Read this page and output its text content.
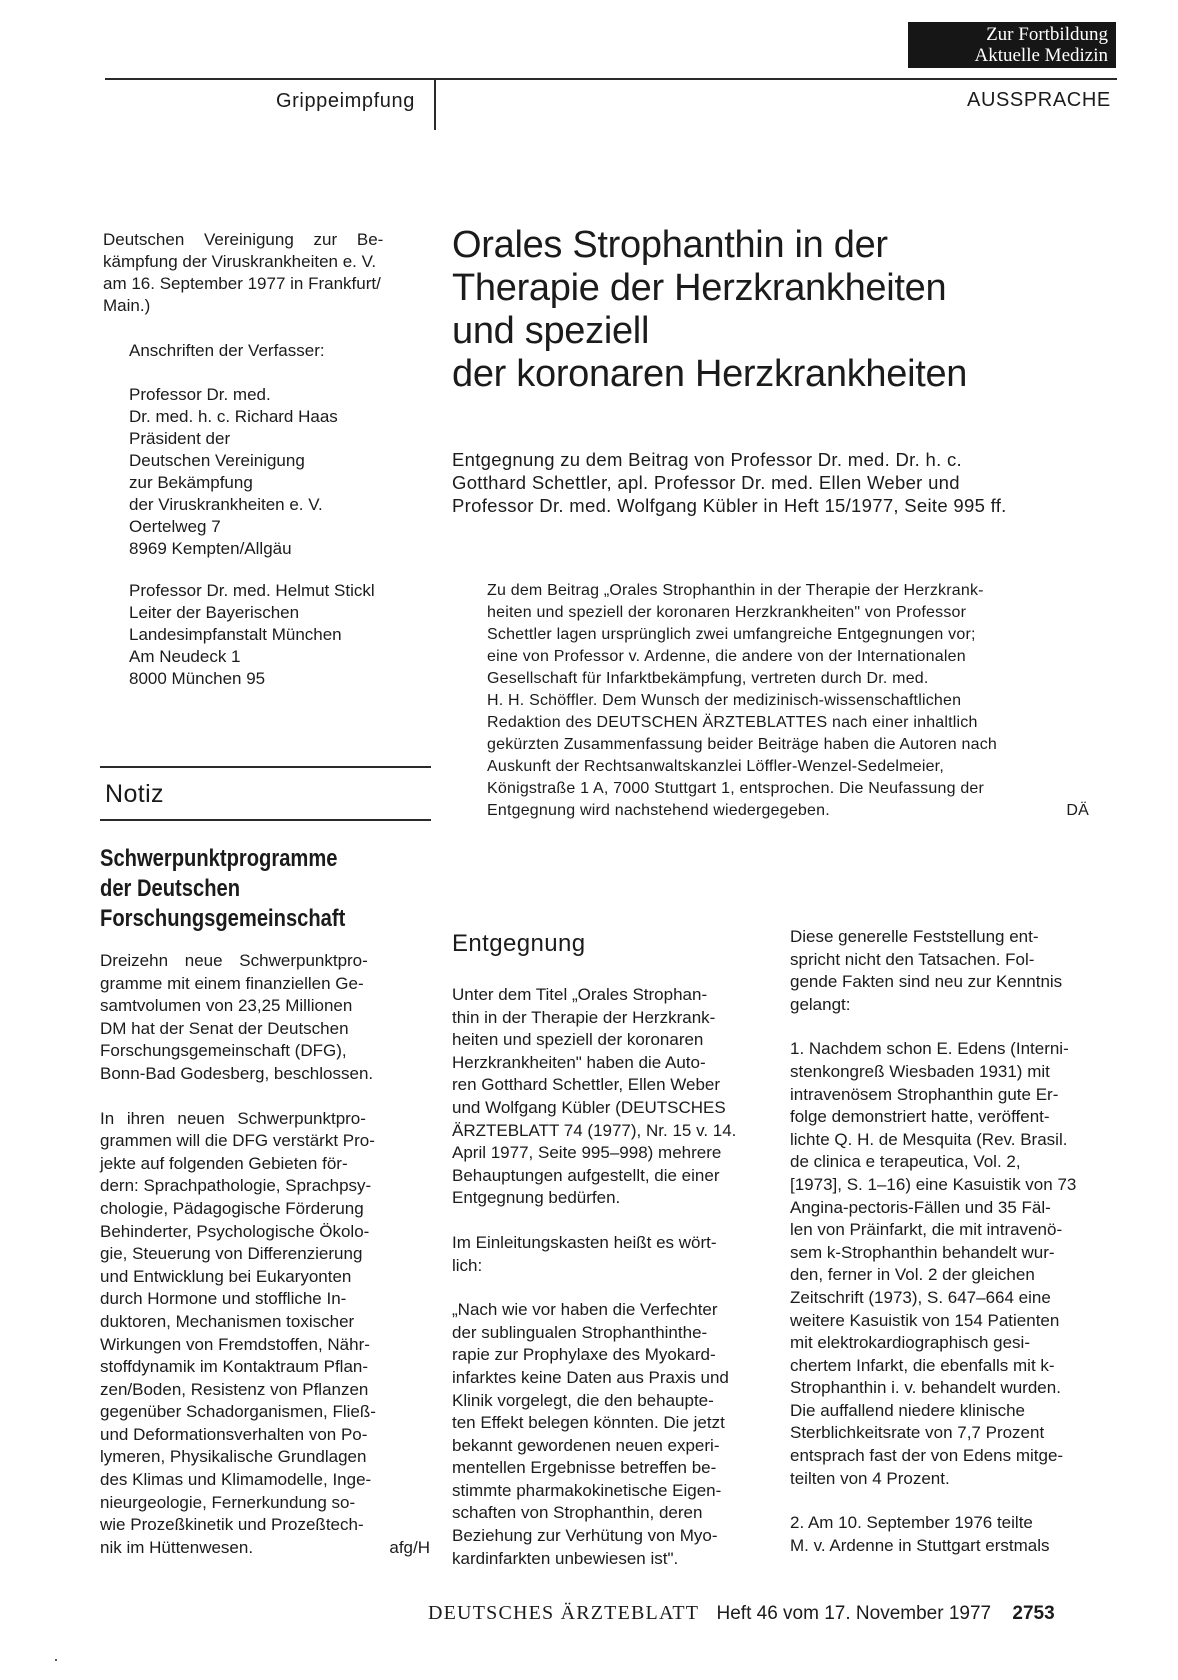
Zur Fortbildung
Aktuelle Medizin
Grippeimpfung	AUSSPRACHE
Deutschen Vereinigung zur Be-
kämpfung der Viruskrankheiten e. V.
am 16. September 1977 in Frankfurt/
Main.)
Anschriften der Verfasser:
Professor Dr. med.
Dr. med. h. c. Richard Haas
Präsident der
Deutschen Vereinigung
zur Bekämpfung
der Viruskrankheiten e. V.
Oertelweg 7
8969 Kempten/Allgäu
Professor Dr. med. Helmut Stickl
Leiter der Bayerischen
Landesimpfanstalt München
Am Neudeck 1
8000 München 95
Notiz
Schwerpunktprogramme
der Deutschen
Forschungsgemeinschaft
Dreizehn neue Schwerpunktpro-
gramme mit einem finanziellen Ge-
samtvolumen von 23,25 Millionen
DM hat der Senat der Deutschen
Forschungsgemeinschaft (DFG),
Bonn-Bad Godesberg, beschlossen.
In ihren neuen Schwerpunktpro-
grammen will die DFG verstärkt Pro-
jekte auf folgenden Gebieten för-
dern: Sprachpathologie, Sprachpsy-
chologie, Pädagogische Förderung
Behinderter, Psychologische Ökolo-
gie, Steuerung von Differenzierung
und Entwicklung bei Eukaryonten
durch Hormone und stoffliche In-
duktoren, Mechanismen toxischer
Wirkungen von Fremdstoffen, Nähr-
stoffdynamik im Kontaktraum Pflan-
zen/Boden, Resistenz von Pflanzen
gegenüber Schadorganismen, Fließ-
und Deformationsverhalten von Po-
lymeren, Physikalische Grundlagen
des Klimas und Klimamodelle, Inge-
nieurgeologie, Fernerkundung so-
wie Prozeßkinetik und Prozeßtech-
nik im Hüttenwesen.	afg/H
Orales Strophanthin in der
Therapie der Herzkrankheiten
und speziell
der koronaren Herzkrankheiten
Entgegnung zu dem Beitrag von Professor Dr. med. Dr. h. c.
Gotthard Schettler, apl. Professor Dr. med. Ellen Weber und
Professor Dr. med. Wolfgang Kübler in Heft 15/1977, Seite 995 ff.
Zu dem Beitrag „Orales Strophanthin in der Therapie der Herzkrank-
heiten und speziell der koronaren Herzkrankheiten" von Professor
Schettler lagen ursprünglich zwei umfangreiche Entgegnungen vor;
eine von Professor v. Ardenne, die andere von der Internationalen
Gesellschaft für Infarktbekämpfung, vertreten durch Dr. med.
H. H. Schöffler. Dem Wunsch der medizinisch-wissenschaftlichen
Redaktion des DEUTSCHEN ÄRZTEBLATTES nach einer inhaltlich
gekürzten Zusammenfassung beider Beiträge haben die Autoren nach
Auskunft der Rechtsanwaltskanzlei Löffler-Wenzel-Sedelmeier,
Königstraße 1 A, 7000 Stuttgart 1, entsprochen. Die Neufassung der
Entgegnung wird nachstehend wiedergegeben.	DÄ
Entgegnung
Unter dem Titel „Orales Strophan-
thin in der Therapie der Herzkrank-
heiten und speziell der koronaren
Herzkrankheiten" haben die Auto-
ren Gotthard Schettler, Ellen Weber
und Wolfgang Kübler (DEUTSCHES
ÄRZTEBLATT 74 (1977), Nr. 15 v. 14.
April 1977, Seite 995–998) mehrere
Behauptungen aufgestellt, die einer
Entgegnung bedürfen.
Im Einleitungskasten heißt es wört-
lich:
„Nach wie vor haben die Verfechter
der sublingualen Strophanthinthe-
rapie zur Prophylaxe des Myokard-
infarktes keine Daten aus Praxis und
Klinik vorgelegt, die den behaupte-
ten Effekt belegen könnten. Die jetzt
bekannt gewordenen neuen experi-
mentellen Ergebnisse betreffen be-
stimmte pharmakokinetische Eigen-
schaften von Strophanthin, deren
Beziehung zur Verhütung von Myo-
kardinfarkten unbewiesen ist".
Diese generelle Feststellung ent-
spricht nicht den Tatsachen. Fol-
gende Fakten sind neu zur Kenntnis
gelangt:
1. Nachdem schon E. Edens (Interni-
stenkongreß Wiesbaden 1931) mit
intravenösem Strophanthin gute Er-
folge demonstriert hatte, veröffent-
lichte Q. H. de Mesquita (Rev. Brasil.
de clinica e terapeutica, Vol. 2,
[1973], S. 1–16) eine Kasuistik von 73
Angina-pectoris-Fällen und 35 Fäl-
len von Präinfarkt, die mit intravenö-
sem k-Strophanthin behandelt wur-
den, ferner in Vol. 2 der gleichen
Zeitschrift (1973), S. 647–664 eine
weitere Kasuistik von 154 Patienten
mit elektrokardiographisch gesi-
chertem Infarkt, die ebenfalls mit k-
Strophanthin i. v. behandelt wurden.
Die auffallend niedere klinische
Sterblichkeitsrate von 7,7 Prozent
entsprach fast der von Edens mitge-
teilten von 4 Prozent.
2. Am 10. September 1976 teilte
M. v. Ardenne in Stuttgart erstmals
DEUTSCHES ÄRZTEBLATT Heft 46 vom 17. November 1977 2753
